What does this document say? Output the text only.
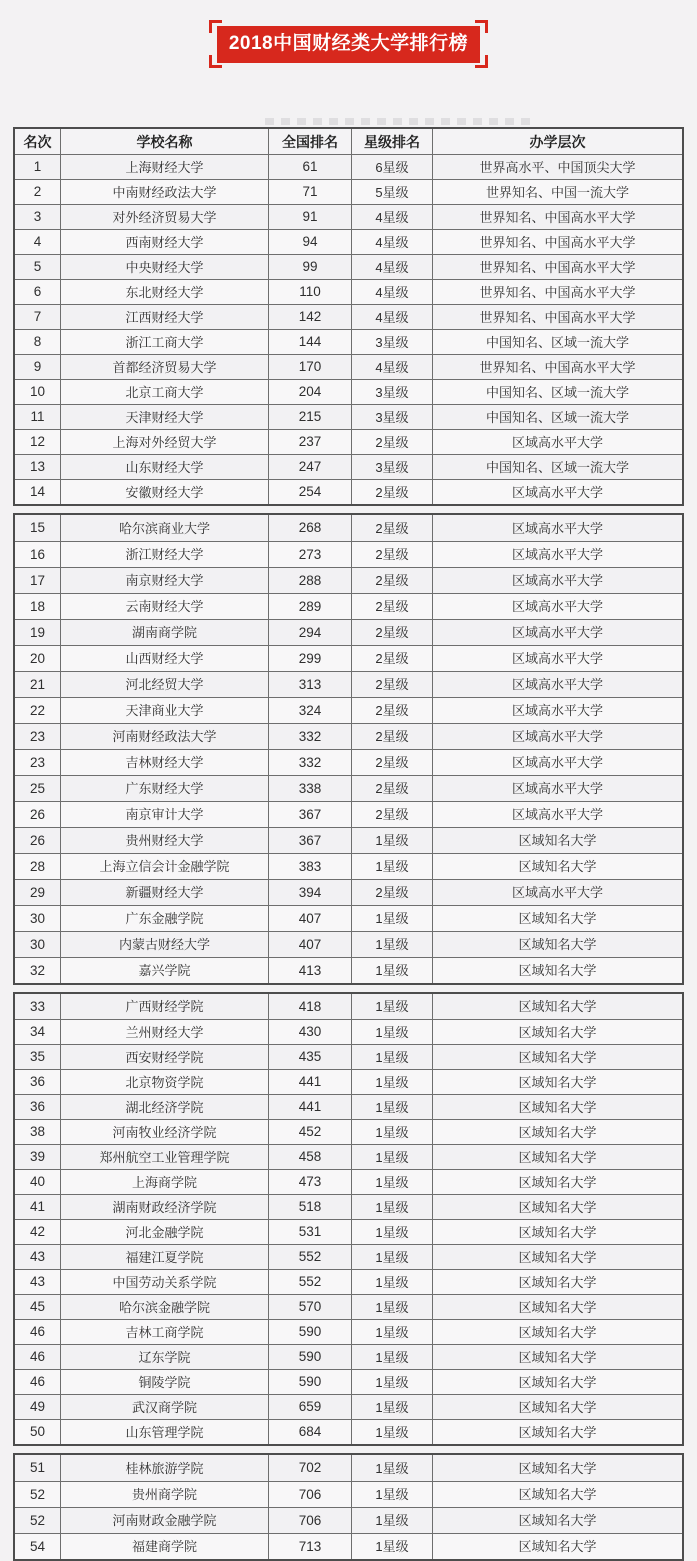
2018中国财经类大学排行榜
名次	学校名称	全国排名	星级排名	办学层次
1	上海财经大学	61	6星级	世界高水平、中国顶尖大学
2	中南财经政法大学	71	5星级	世界知名、中国一流大学
3	对外经济贸易大学	91	4星级	世界知名、中国高水平大学
4	西南财经大学	94	4星级	世界知名、中国高水平大学
5	中央财经大学	99	4星级	世界知名、中国高水平大学
6	东北财经大学	110	4星级	世界知名、中国高水平大学
7	江西财经大学	142	4星级	世界知名、中国高水平大学
8	浙江工商大学	144	3星级	中国知名、区域一流大学
9	首都经济贸易大学	170	4星级	世界知名、中国高水平大学
10	北京工商大学	204	3星级	中国知名、区域一流大学
11	天津财经大学	215	3星级	中国知名、区域一流大学
12	上海对外经贸大学	237	2星级	区域高水平大学
13	山东财经大学	247	3星级	中国知名、区域一流大学
14	安徽财经大学	254	2星级	区域高水平大学
15	哈尔滨商业大学	268	2星级	区域高水平大学
16	浙江财经大学	273	2星级	区域高水平大学
17	南京财经大学	288	2星级	区域高水平大学
18	云南财经大学	289	2星级	区域高水平大学
19	湖南商学院	294	2星级	区域高水平大学
20	山西财经大学	299	2星级	区域高水平大学
21	河北经贸大学	313	2星级	区域高水平大学
22	天津商业大学	324	2星级	区域高水平大学
23	河南财经政法大学	332	2星级	区域高水平大学
23	吉林财经大学	332	2星级	区域高水平大学
25	广东财经大学	338	2星级	区域高水平大学
26	南京审计大学	367	2星级	区域高水平大学
26	贵州财经大学	367	1星级	区域知名大学
28	上海立信会计金融学院	383	1星级	区域知名大学
29	新疆财经大学	394	2星级	区域高水平大学
30	广东金融学院	407	1星级	区域知名大学
30	内蒙古财经大学	407	1星级	区域知名大学
32	嘉兴学院	413	1星级	区域知名大学
33	广西财经学院	418	1星级	区域知名大学
34	兰州财经大学	430	1星级	区域知名大学
35	西安财经学院	435	1星级	区域知名大学
36	北京物资学院	441	1星级	区域知名大学
36	湖北经济学院	441	1星级	区域知名大学
38	河南牧业经济学院	452	1星级	区域知名大学
39	郑州航空工业管理学院	458	1星级	区域知名大学
40	上海商学院	473	1星级	区域知名大学
41	湖南财政经济学院	518	1星级	区域知名大学
42	河北金融学院	531	1星级	区域知名大学
43	福建江夏学院	552	1星级	区域知名大学
43	中国劳动关系学院	552	1星级	区域知名大学
45	哈尔滨金融学院	570	1星级	区域知名大学
46	吉林工商学院	590	1星级	区域知名大学
46	辽东学院	590	1星级	区域知名大学
46	铜陵学院	590	1星级	区域知名大学
49	武汉商学院	659	1星级	区域知名大学
50	山东管理学院	684	1星级	区域知名大学
51	桂林旅游学院	702	1星级	区域知名大学
52	贵州商学院	706	1星级	区域知名大学
52	河南财政金融学院	706	1星级	区域知名大学
54	福建商学院	713	1星级	区域知名大学
